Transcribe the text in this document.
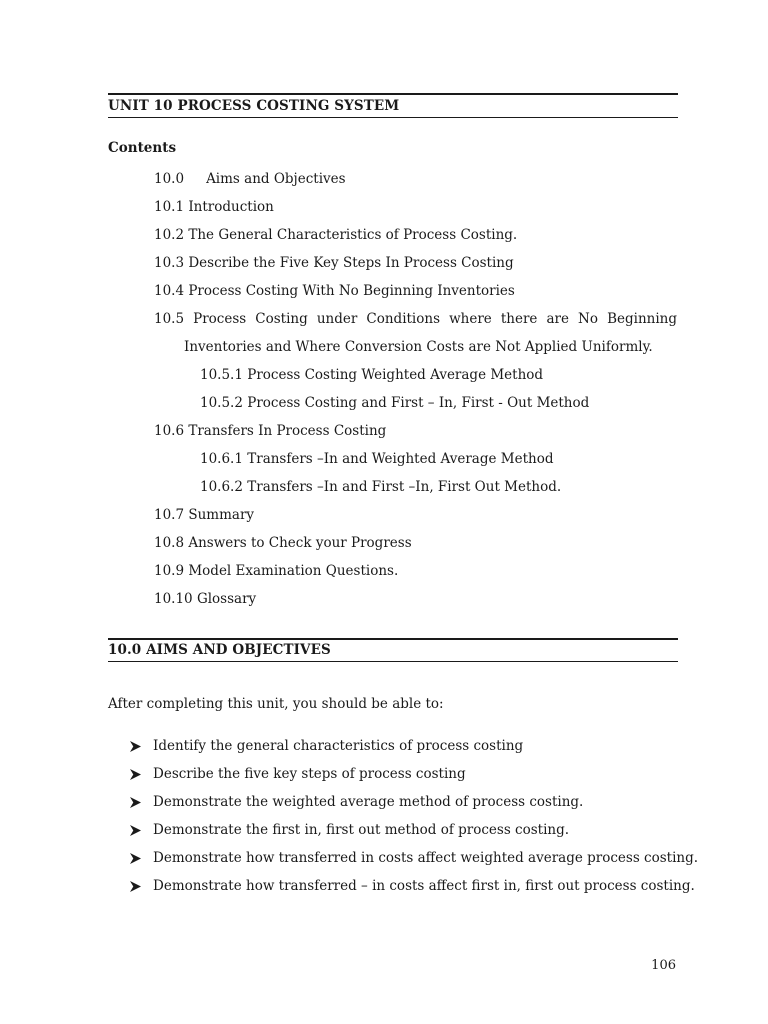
UNIT 10 PROCESS COSTING SYSTEM
Contents
10.0 Aims and Objectives
10.1 Introduction
10.2 The General Characteristics of Process Costing.
10.3 Describe the Five Key Steps In Process Costing
10.4 Process Costing With No Beginning Inventories
10.5 Process Costing under Conditions where there are No Beginning
Inventories and Where Conversion Costs are Not Applied Uniformly.
10.5.1 Process Costing Weighted Average Method
10.5.2 Process Costing and First – In, First - Out Method
10.6 Transfers In Process Costing
10.6.1 Transfers –In and Weighted Average Method
10.6.2 Transfers –In and First –In, First Out Method.
10.7 Summary
10.8 Answers to Check your Progress
10.9 Model Examination Questions.
10.10 Glossary
10.0 AIMS AND OBJECTIVES
After completing this unit, you should be able to:
Identify the general characteristics of process costing
Describe the five key steps of process costing
Demonstrate the weighted average method of process costing.
Demonstrate the first in, first out method of process costing.
Demonstrate how transferred in costs affect weighted average process costing.
Demonstrate how transferred – in costs affect first in, first out process costing.
106
